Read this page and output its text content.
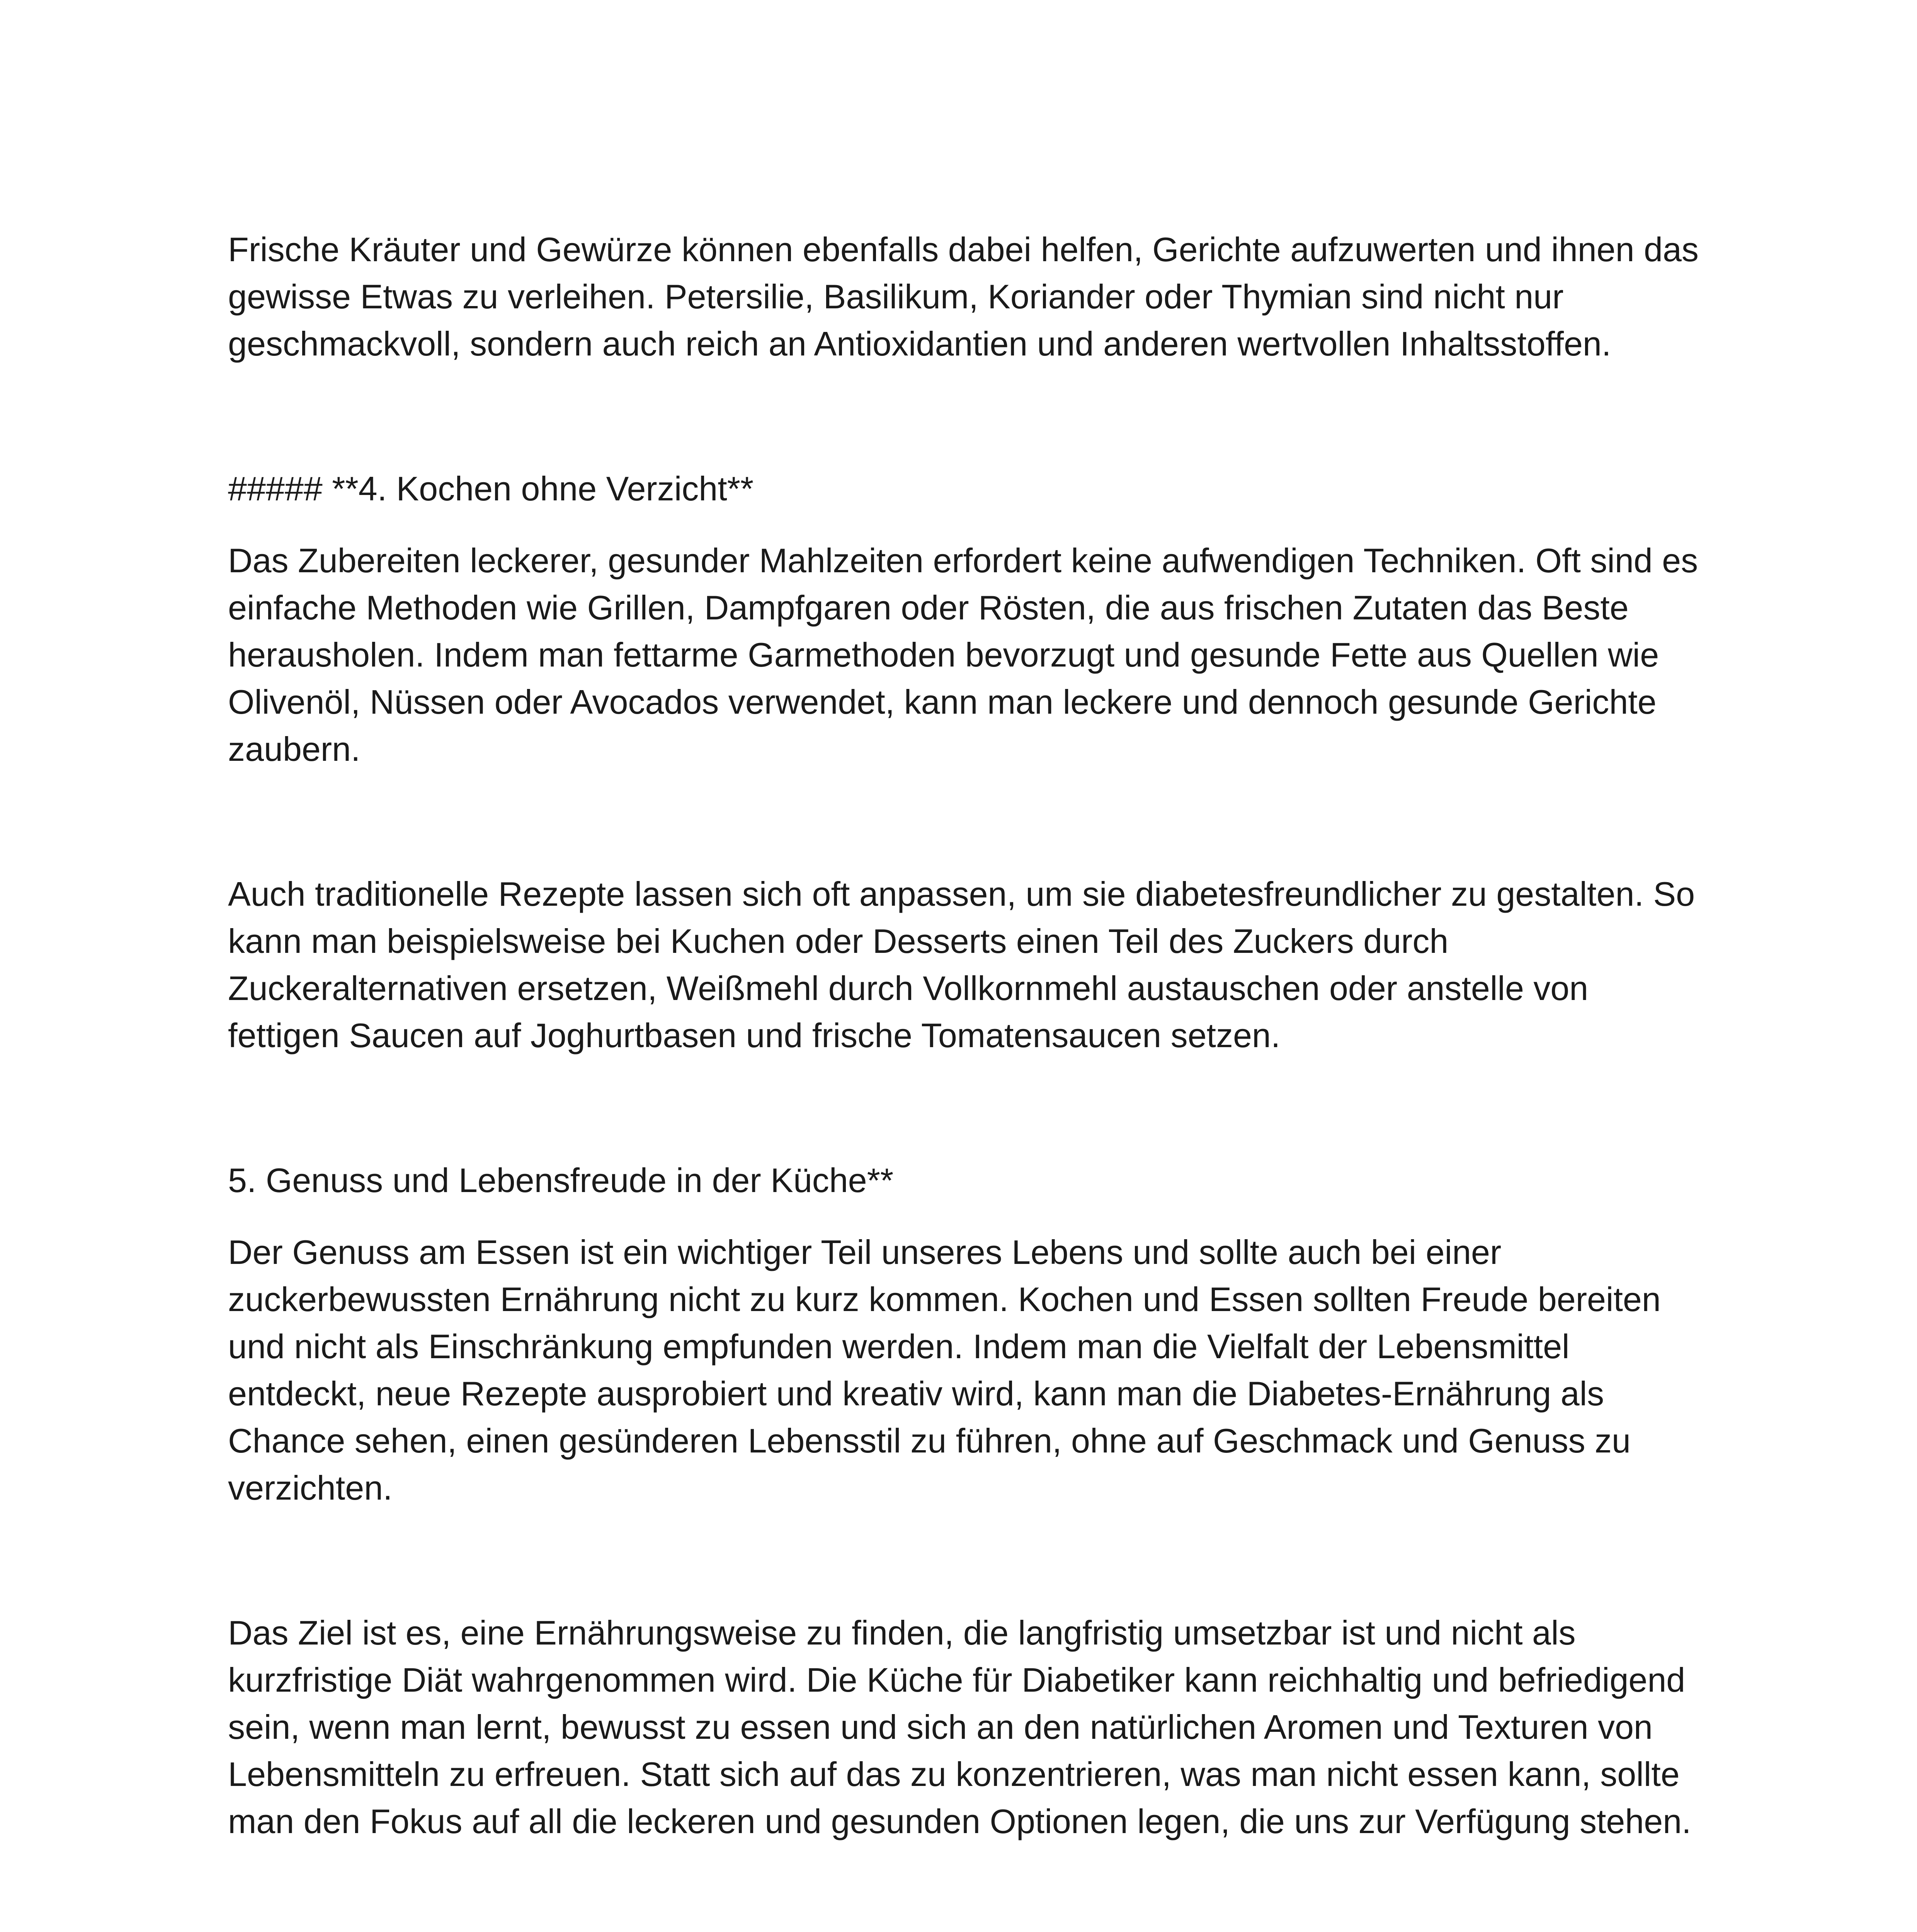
Frische Kräuter und Gewürze können ebenfalls dabei helfen, Gerichte aufzuwerten und ihnen das gewisse Etwas zu verleihen. Petersilie, Basilikum, Koriander oder Thymian sind nicht nur geschmackvoll, sondern auch reich an Antioxidantien und anderen wertvollen Inhaltsstoffen.

##### **4. Kochen ohne Verzicht**

Das Zubereiten leckerer, gesunder Mahlzeiten erfordert keine aufwendigen Techniken. Oft sind es einfache Methoden wie Grillen, Dampfgaren oder Rösten, die aus frischen Zutaten das Beste herausholen. Indem man fettarme Garmethoden bevorzugt und gesunde Fette aus Quellen wie Olivenöl, Nüssen oder Avocados verwendet, kann man leckere und dennoch gesunde Gerichte zaubern.

Auch traditionelle Rezepte lassen sich oft anpassen, um sie diabetesfreundlicher zu gestalten. So kann man beispielsweise bei Kuchen oder Desserts einen Teil des Zuckers durch Zuckeralternativen ersetzen, Weißmehl durch Vollkornmehl austauschen oder anstelle von fettigen Saucen auf Joghurtbasen und frische Tomatensaucen setzen.

5. Genuss und Lebensfreude in der Küche**

Der Genuss am Essen ist ein wichtiger Teil unseres Lebens und sollte auch bei einer zuckerbewussten Ernährung nicht zu kurz kommen. Kochen und Essen sollten Freude bereiten und nicht als Einschränkung empfunden werden. Indem man die Vielfalt der Lebensmittel entdeckt, neue Rezepte ausprobiert und kreativ wird, kann man die Diabetes-Ernährung als Chance sehen, einen gesünderen Lebensstil zu führen, ohne auf Geschmack und Genuss zu verzichten.

Das Ziel ist es, eine Ernährungsweise zu finden, die langfristig umsetzbar ist und nicht als kurzfristige Diät wahrgenommen wird. Die Küche für Diabetiker kann reichhaltig und befriedigend sein, wenn man lernt, bewusst zu essen und sich an den natürlichen Aromen und Texturen von Lebensmitteln zu erfreuen. Statt sich auf das zu konzentrieren, was man nicht essen kann, sollte man den Fokus auf all die leckeren und gesunden Optionen legen, die uns zur Verfügung stehen.
